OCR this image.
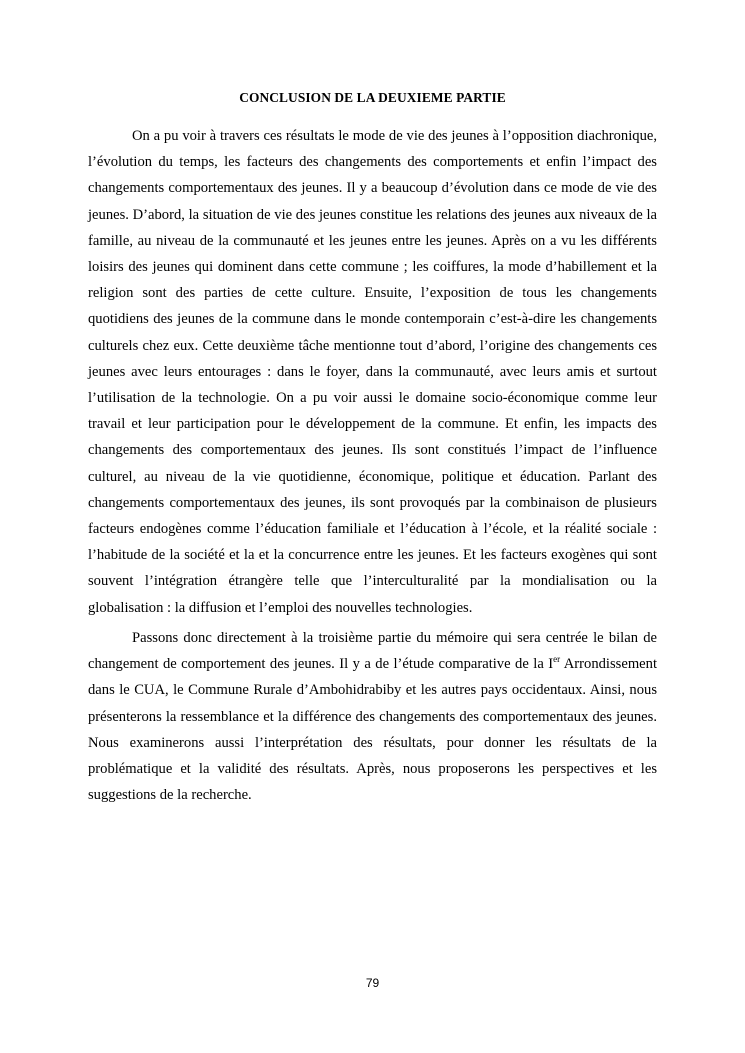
CONCLUSION DE LA DEUXIEME PARTIE

On a pu voir à travers ces résultats le mode de vie des jeunes à l’opposition diachronique, l’évolution du temps, les facteurs des changements des comportements et enfin l’impact des changements comportementaux des jeunes. Il y a beaucoup d’évolution dans ce mode de vie des jeunes. D’abord, la situation de vie des jeunes constitue les relations des jeunes aux niveaux de la famille, au niveau de la communauté et les jeunes entre les jeunes. Après on a vu les différents loisirs des jeunes qui dominent dans cette commune ; les coiffures, la mode d’habillement et la religion sont des parties de cette culture. Ensuite, l’exposition de tous les changements quotidiens des jeunes de la commune dans le monde contemporain c’est-à-dire les changements culturels chez eux. Cette deuxième tâche mentionne tout d’abord, l’origine des changements ces jeunes avec leurs entourages : dans le foyer, dans la communauté, avec leurs amis et surtout l’utilisation de la technologie. On a pu voir aussi le domaine socio-économique comme leur travail et leur participation pour le développement de la commune. Et enfin, les impacts des changements des comportementaux des jeunes. Ils sont constitués l’impact de l’influence culturel, au niveau de la vie quotidienne, économique, politique et éducation. Parlant des changements comportementaux des jeunes, ils sont provoqués par la combinaison de plusieurs facteurs endogènes comme l’éducation familiale et l’éducation à l’école, et la réalité sociale : l’habitude de la société et la et la concurrence entre les jeunes. Et les facteurs exogènes qui sont souvent l’intégration étrangère telle que l’interculturalité par la mondialisation ou la globalisation : la diffusion et l’emploi des nouvelles technologies.

Passons donc directement à la troisième partie du mémoire qui sera centrée le bilan de changement de comportement des jeunes. Il y a de l’étude comparative de la Ier Arrondissement dans le CUA, le Commune Rurale d’Ambohidrabiby et les autres pays occidentaux. Ainsi, nous présenterons la ressemblance et la différence des changements des comportementaux des jeunes. Nous examinerons aussi l’interprétation des résultats, pour donner les résultats de la problématique et la validité des résultats. Après, nous proposerons les perspectives et les suggestions de la recherche.

79
